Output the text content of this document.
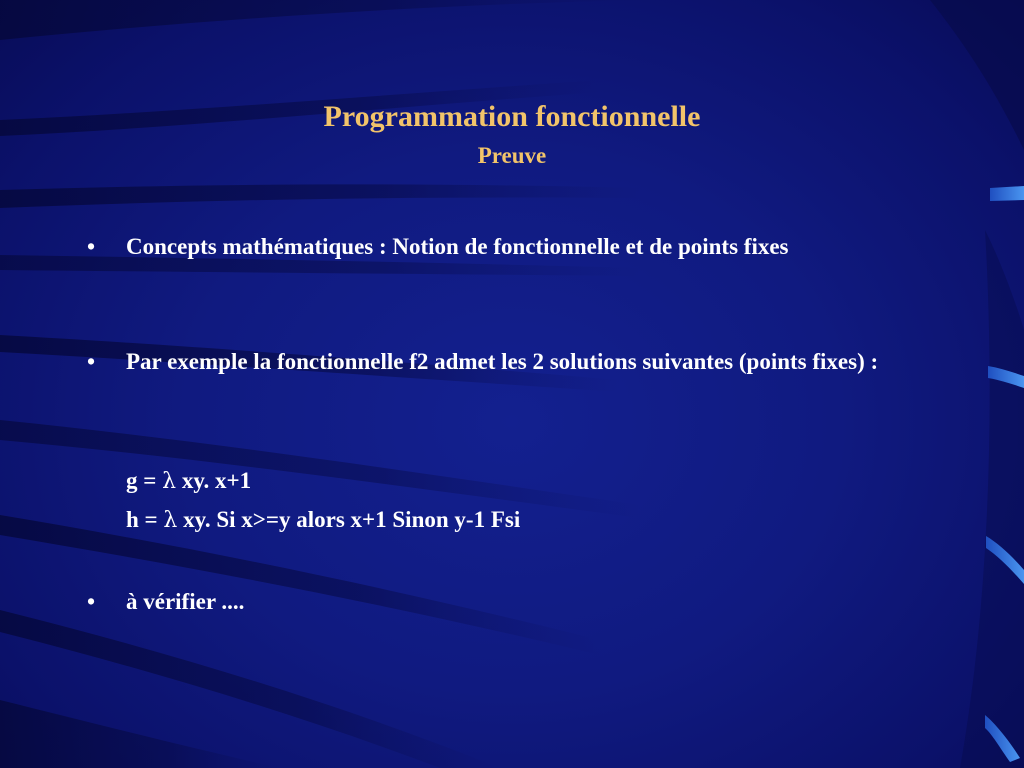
Programmation fonctionnelle
Preuve
•	Concepts mathématiques : Notion de fonctionnelle et de points fixes
•	Par exemple la fonctionnelle f2 admet les 2 solutions suivantes (points fixes) :
g = λ xy. x+1
h = λ xy. Si x>=y alors x+1 Sinon y-1 Fsi
•	à vérifier ....
